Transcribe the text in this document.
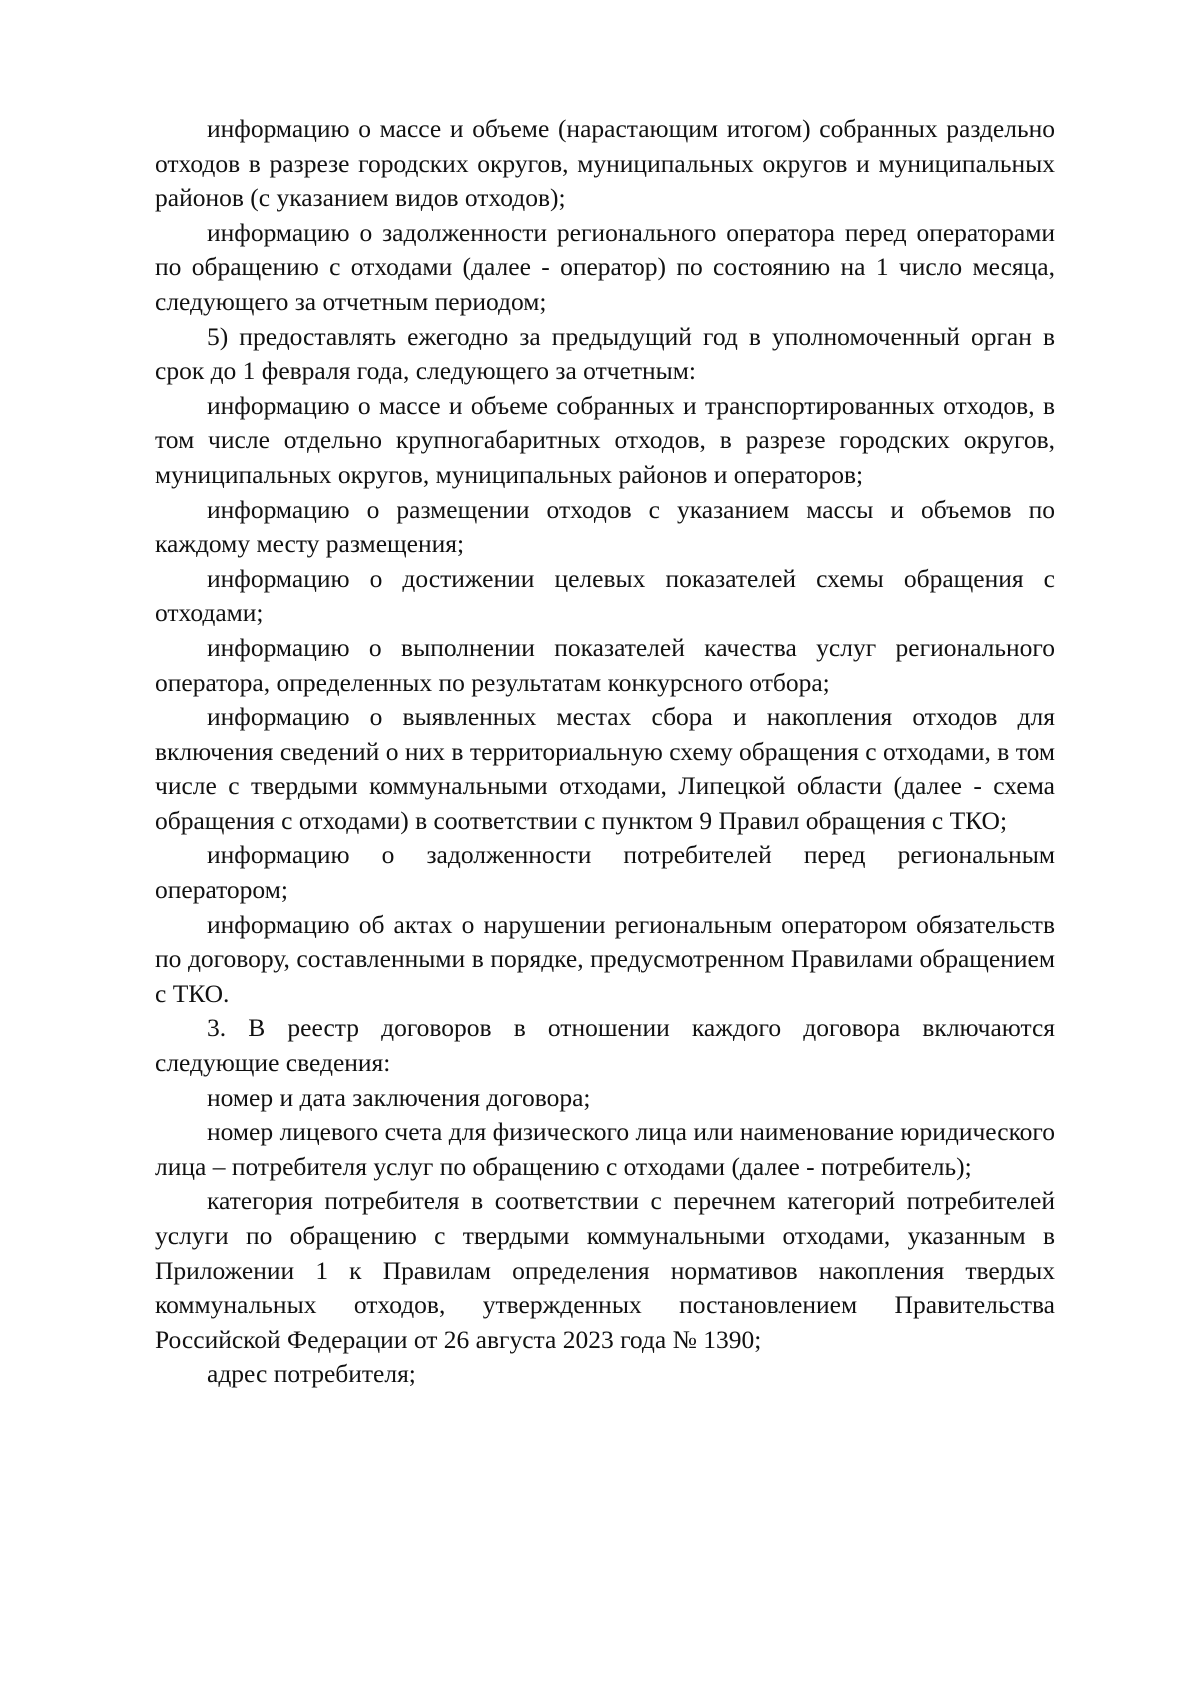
информацию о массе и объеме (нарастающим итогом) собранных раздельно отходов в разрезе городских округов, муниципальных округов и муниципальных районов (с указанием видов отходов);

информацию о задолженности регионального оператора перед операторами по обращению с отходами (далее - оператор) по состоянию на 1 число месяца, следующего за отчетным периодом;

5) предоставлять ежегодно за предыдущий год в уполномоченный орган в срок до 1 февраля года, следующего за отчетным:

информацию о массе и объеме собранных и транспортированных отходов, в том числе отдельно крупногабаритных отходов, в разрезе городских округов, муниципальных округов, муниципальных районов и операторов;

информацию о размещении отходов с указанием массы и объемов по каждому месту размещения;

информацию о достижении целевых показателей схемы обращения с отходами;

информацию о выполнении показателей качества услуг регионального оператора, определенных по результатам конкурсного отбора;

информацию о выявленных местах сбора и накопления отходов для включения сведений о них в территориальную схему обращения с отходами, в том числе с твердыми коммунальными отходами, Липецкой области (далее - схема обращения с отходами) в соответствии с пунктом 9 Правил обращения с ТКО;

информацию о задолженности потребителей перед региональным оператором;

информацию об актах о нарушении региональным оператором обязательств по договору, составленными в порядке, предусмотренном Правилами обращением с ТКО.

3. В реестр договоров в отношении каждого договора включаются следующие сведения:

номер и дата заключения договора;

номер лицевого счета для физического лица или наименование юридического лица – потребителя услуг по обращению с отходами (далее - потребитель);

категория потребителя в соответствии с перечнем категорий потребителей услуги по обращению с твердыми коммунальными отходами, указанным в Приложении 1 к Правилам определения нормативов накопления твердых коммунальных отходов, утвержденных постановлением Правительства Российской Федерации от 26 августа 2023 года № 1390;

адрес потребителя;
